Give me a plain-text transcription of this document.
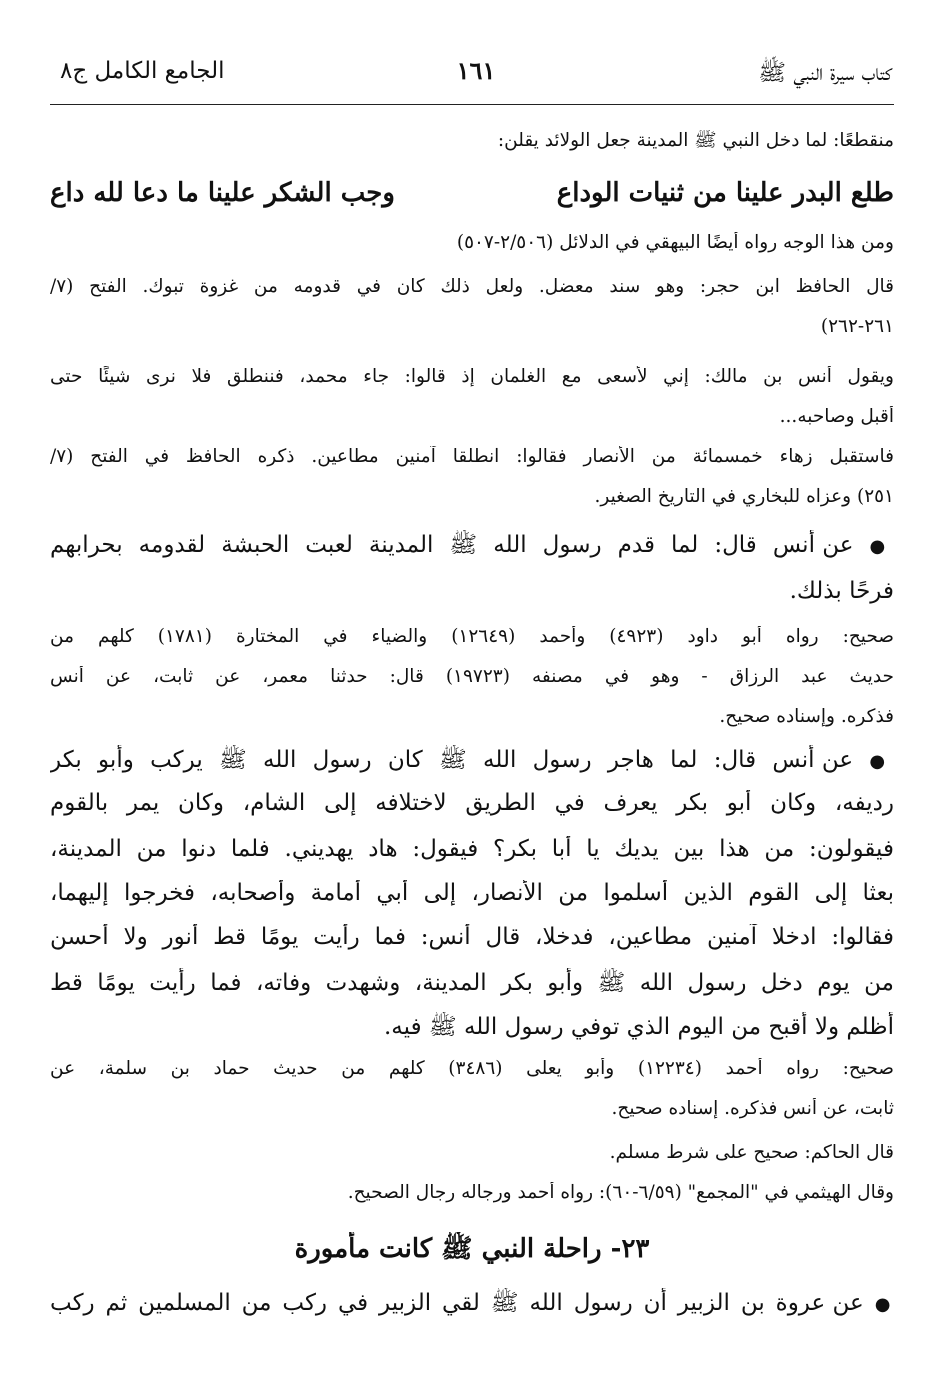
كتاب سيرة النبي ﷺ
١٦١
الجامع الكامل ج٨
منقطعًا: لما دخل النبي ﷺ المدينة جعل الولائد يقلن:
طلع البدر علينا من ثنيات الوداع
وجب الشكر علينا ما دعا لله داع
ومن هذا الوجه رواه أيضًا البيهقي في الدلائل (٢/٥٠٦-٥٠٧)
قال الحافظ ابن حجر: وهو سند معضل. ولعل ذلك كان في قدومه من غزوة تبوك. الفتح (٧/
٢٦١-٢٦٢)
ويقول أنس بن مالك: إني لأسعى مع الغلمان إذ قالوا: جاء محمد، فننطلق فلا نرى شيئًا حتى
أقبل وصاحبه...
فاستقبل زهاء خمسمائة من الأنصار فقالوا: انطلقا آمنين مطاعين. ذكره الحافظ في الفتح (٧/
٢٥١) وعزاه للبخاري في التاريخ الصغير.
● عن أنس قال: لما قدم رسول الله ﷺ المدينة لعبت الحبشة لقدومه بحرابهم
فرحًا بذلك.
صحيح: رواه أبو داود (٤٩٢٣) وأحمد (١٢٦٤٩) والضياء في المختارة (١٧٨١) كلهم من
حديث عبد الرزاق - وهو في مصنفه (١٩٧٢٣) قال: حدثنا معمر، عن ثابت، عن أنس
فذكره. وإسناده صحيح.
● عن أنس قال: لما هاجر رسول الله ﷺ كان رسول الله ﷺ يركب وأبو بكر
رديفه، وكان أبو بكر يعرف في الطريق لاختلافه إلى الشام، وكان يمر بالقوم
فيقولون: من هذا بين يديك يا أبا بكر؟ فيقول: هاد يهديني. فلما دنوا من المدينة،
بعثا إلى القوم الذين أسلموا من الأنصار، إلى أبي أمامة وأصحابه، فخرجوا إليهما،
فقالوا: ادخلا آمنين مطاعين، فدخلا، قال أنس: فما رأيت يومًا قط أنور ولا أحسن
من يوم دخل رسول الله ﷺ وأبو بكر المدينة، وشهدت وفاته، فما رأيت يومًا قط
أظلم ولا أقبح من اليوم الذي توفي رسول الله ﷺ فيه.
صحيح: رواه أحمد (١٢٢٣٤) وأبو يعلى (٣٤٨٦) كلهم من حديث حماد بن سلمة، عن
ثابت، عن أنس فذكره. إسناده صحيح.
قال الحاكم: صحيح على شرط مسلم.
وقال الهيثمي في "المجمع" (٦/٥٩-٦٠): رواه أحمد ورجاله رجال الصحيح.
٢٣- راحلة النبي ﷺ كانت مأمورة
● عن عروة بن الزبير أن رسول الله ﷺ لقي الزبير في ركب من المسلمين ثم ركب
